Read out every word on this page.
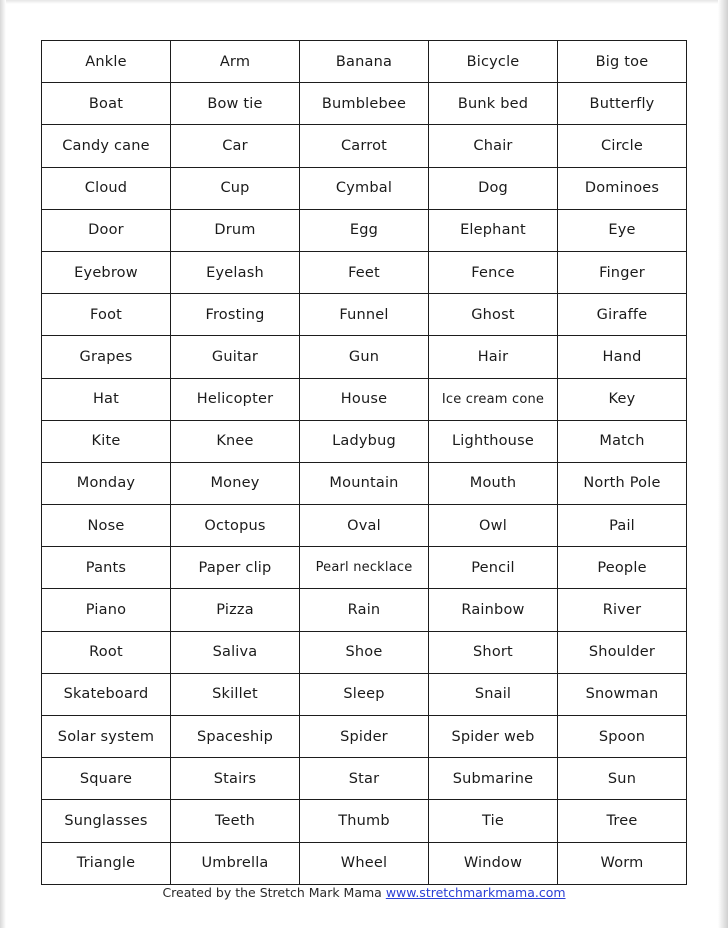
Ankle	Arm	Banana	Bicycle	Big toe
Boat	Bow tie	Bumblebee	Bunk bed	Butterfly
Candy cane	Car	Carrot	Chair	Circle
Cloud	Cup	Cymbal	Dog	Dominoes
Door	Drum	Egg	Elephant	Eye
Eyebrow	Eyelash	Feet	Fence	Finger
Foot	Frosting	Funnel	Ghost	Giraffe
Grapes	Guitar	Gun	Hair	Hand
Hat	Helicopter	House	Ice cream cone	Key
Kite	Knee	Ladybug	Lighthouse	Match
Monday	Money	Mountain	Mouth	North Pole
Nose	Octopus	Oval	Owl	Pail
Pants	Paper clip	Pearl necklace	Pencil	People
Piano	Pizza	Rain	Rainbow	River
Root	Saliva	Shoe	Short	Shoulder
Skateboard	Skillet	Sleep	Snail	Snowman
Solar system	Spaceship	Spider	Spider web	Spoon
Square	Stairs	Star	Submarine	Sun
Sunglasses	Teeth	Thumb	Tie	Tree
Triangle	Umbrella	Wheel	Window	Worm
Created by the Stretch Mark Mama www.stretchmarkmama.com
